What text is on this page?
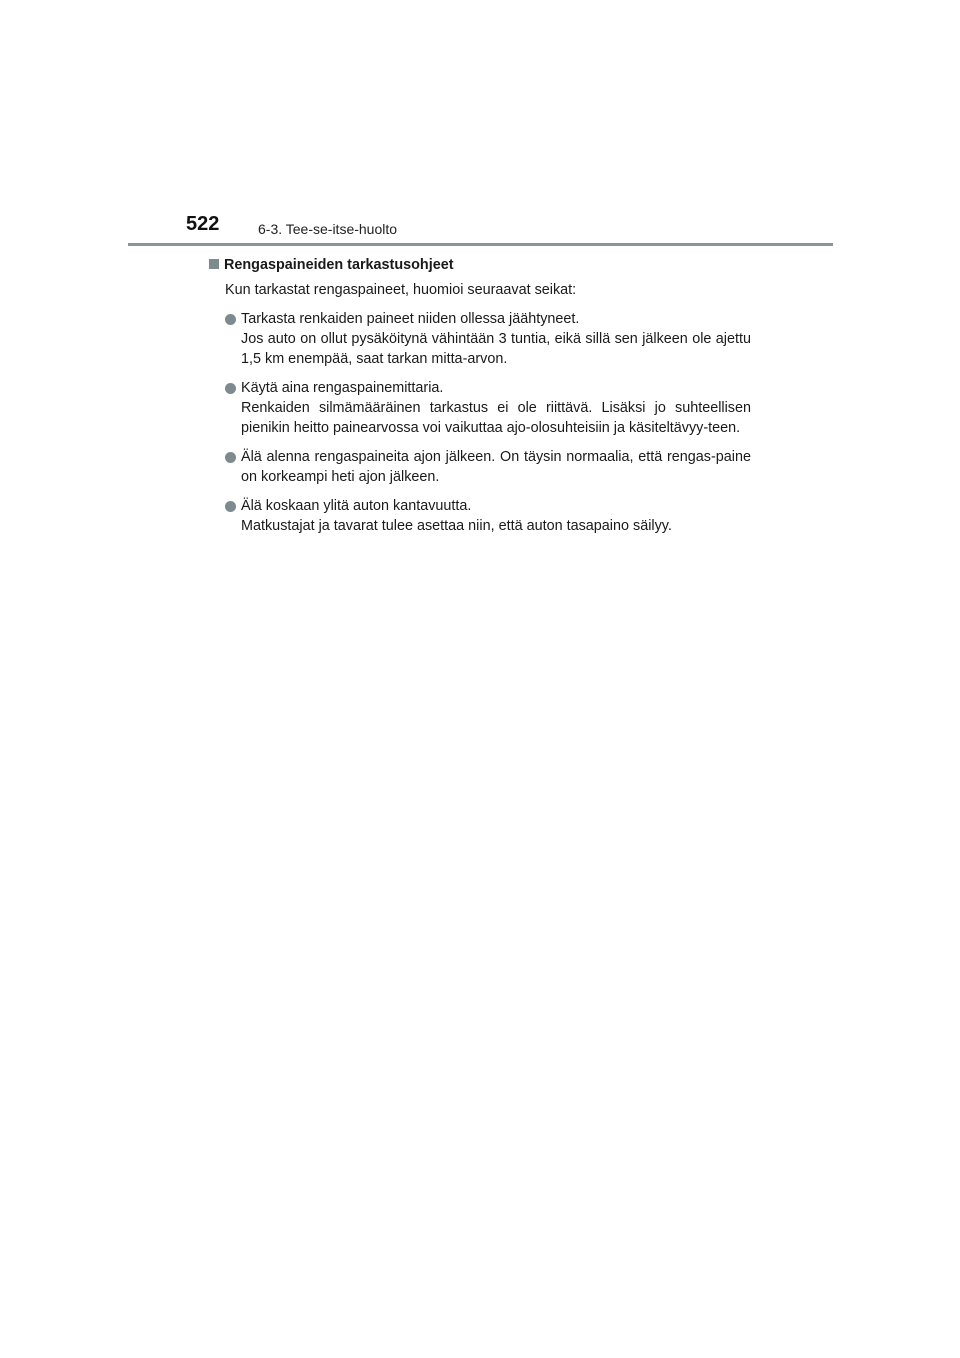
522	6-3. Tee-se-itse-huolto
Rengaspaineiden tarkastusohjeet
Kun tarkastat rengaspaineet, huomioi seuraavat seikat:
Tarkasta renkaiden paineet niiden ollessa jäähtyneet.
Jos auto on ollut pysäköitynä vähintään 3 tuntia, eikä sillä sen jälkeen ole ajettu 1,5 km enempää, saat tarkan mitta-arvon.
Käytä aina rengaspainemittaria.
Renkaiden silmämääräinen tarkastus ei ole riittävä. Lisäksi jo suhteellisen pienikin heitto painearvossa voi vaikuttaa ajo-olosuhteisiin ja käsiteltävyy-teen.
Älä alenna rengaspaineita ajon jälkeen. On täysin normaalia, että rengas-paine on korkeampi heti ajon jälkeen.
Älä koskaan ylitä auton kantavuutta.
Matkustajat ja tavarat tulee asettaa niin, että auton tasapaino säilyy.
